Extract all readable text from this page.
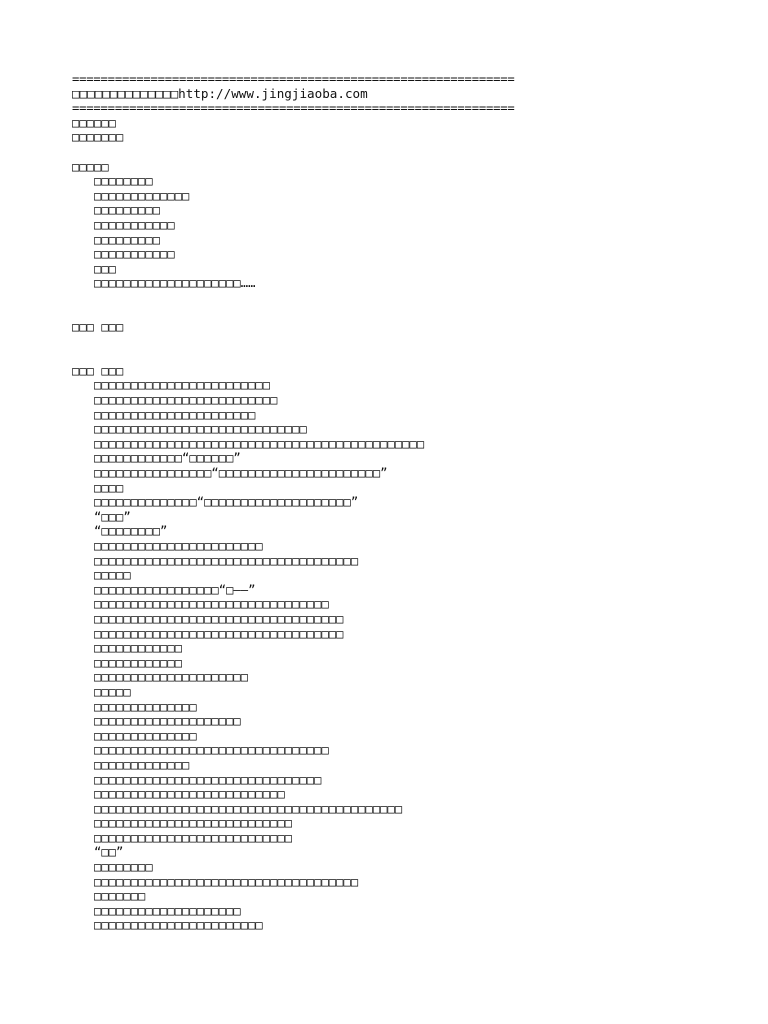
==============================================================
□□□□□□□□□□□□□□http://www.jingjiaoba.com
==============================================================
□□□□□□
□□□□□□□

□□□□□
□□□□□□□□
□□□□□□□□□□□□□
□□□□□□□□□
□□□□□□□□□□□
□□□□□□□□□
□□□□□□□□□□□
□□□
□□□□□□□□□□□□□□□□□□□□……

□□□ □□□

□□□ □□□
□□□□□□□□□□□□□□□□□□□□□□□□
□□□□□□□□□□□□□□□□□□□□□□□□□
□□□□□□□□□□□□□□□□□□□□□□
□□□□□□□□□□□□□□□□□□□□□□□□□□□□□
□□□□□□□□□□□□□□□□□□□□□□□□□□□□□□□□□□□□□□□□□□□□□
□□□□□□□□□□□□“□□□□□□”
□□□□□□□□□□□□□□□□“□□□□□□□□□□□□□□□□□□□□□□”
□□□□
□□□□□□□□□□□□□□“□□□□□□□□□□□□□□□□□□□□”
“□□□”
“□□□□□□□□”
□□□□□□□□□□□□□□□□□□□□□□□
□□□□□□□□□□□□□□□□□□□□□□□□□□□□□□□□□□□□
□□□□□
□□□□□□□□□□□□□□□□□“□——”
□□□□□□□□□□□□□□□□□□□□□□□□□□□□□□□□
□□□□□□□□□□□□□□□□□□□□□□□□□□□□□□□□□□
□□□□□□□□□□□□□□□□□□□□□□□□□□□□□□□□□□
□□□□□□□□□□□□
□□□□□□□□□□□□
□□□□□□□□□□□□□□□□□□□□□
□□□□□
□□□□□□□□□□□□□□
□□□□□□□□□□□□□□□□□□□□
□□□□□□□□□□□□□□
□□□□□□□□□□□□□□□□□□□□□□□□□□□□□□□□
□□□□□□□□□□□□□
□□□□□□□□□□□□□□□□□□□□□□□□□□□□□□□
□□□□□□□□□□□□□□□□□□□□□□□□□□
□□□□□□□□□□□□□□□□□□□□□□□□□□□□□□□□□□□□□□□□□□
□□□□□□□□□□□□□□□□□□□□□□□□□□□
□□□□□□□□□□□□□□□□□□□□□□□□□□□
“□□”
□□□□□□□□
□□□□□□□□□□□□□□□□□□□□□□□□□□□□□□□□□□□□
□□□□□□□
□□□□□□□□□□□□□□□□□□□□
□□□□□□□□□□□□□□□□□□□□□□□
